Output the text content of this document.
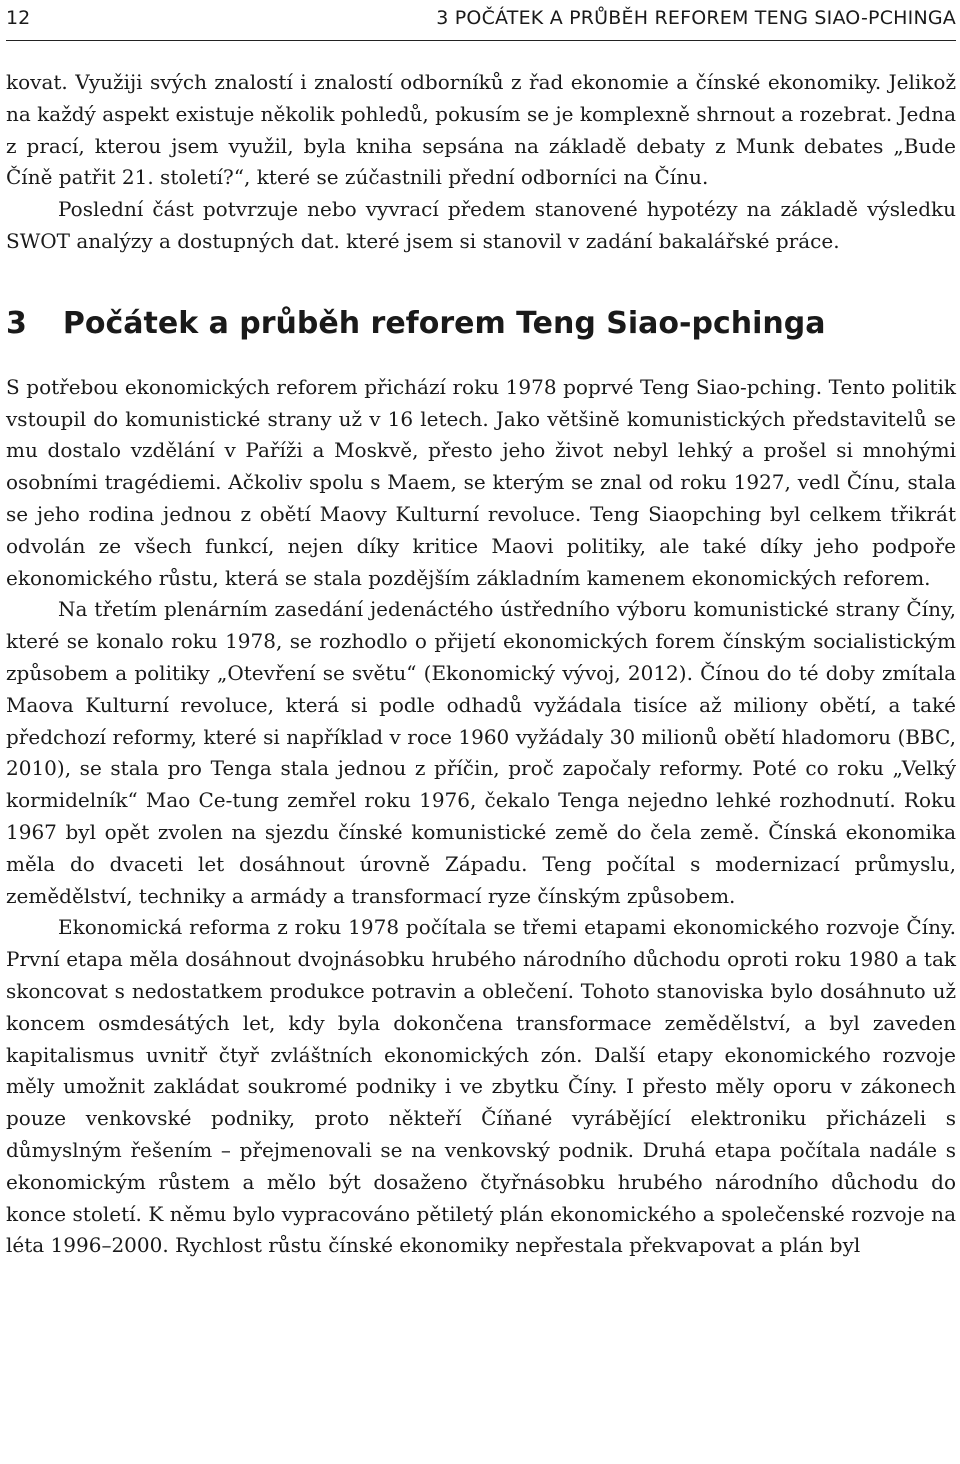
12	3 POČÁTEK A PRŮBĚH REFOREM TENG SIAO-PCHINGA

kovat. Využiji svých znalostí i znalostí odborníků z řad ekonomie a čínské ekonomiky. Jelikož na každý aspekt existuje několik pohledů, pokusím se je komplexně shrnout a rozebrat. Jedna z prací, kterou jsem využil, byla kniha sepsána na základě debaty z Munk debates „Bude Číně patřit 21. století?“, které se zúčastnili přední odborníci na Čínu.

Poslední část potvrzuje nebo vyvrací předem stanovené hypotézy na základě výsledku SWOT analýzy a dostupných dat. které jsem si stanovil v zadání bakalářské práce.

3 Počátek a průběh reforem Teng Siao-pchinga

S potřebou ekonomických reforem přichází roku 1978 poprvé Teng Siao-pching. Tento politik vstoupil do komunistické strany už v 16 letech. Jako většině komunistických představitelů se mu dostalo vzdělání v Paříži a Moskvě, přesto jeho život nebyl lehký a prošel si mnohými osobními tragédiemi. Ačkoliv spolu s Maem, se kterým se znal od roku 1927, vedl Čínu, stala se jeho rodina jednou z obětí Maovy Kulturní revoluce. Teng Siaopching byl celkem třikrát odvolán ze všech funkcí, nejen díky kritice Maovi politiky, ale také díky jeho podpoře ekonomického růstu, která se stala pozdějším základním kamenem ekonomických reforem.

Na třetím plenárním zasedání jedenáctého ústředního výboru komunistické strany Číny, které se konalo roku 1978, se rozhodlo o přijetí ekonomických forem čínským socialistickým způsobem a politiky „Otevření se světu“ (Ekonomický vývoj, 2012). Čínou do té doby zmítala Maova Kulturní revoluce, která si podle odhadů vyžádala tisíce až miliony obětí, a také předchozí reformy, které si například v roce 1960 vyžádaly 30 milionů obětí hladomoru (BBC, 2010), se stala pro Tenga stala jednou z příčin, proč započaly reformy. Poté co roku „Velký kormidelník“ Mao Ce-tung zemřel roku 1976, čekalo Tenga nejedno lehké rozhodnutí. Roku 1967 byl opět zvolen na sjezdu čínské komunistické země do čela země. Čínská ekonomika měla do dvaceti let dosáhnout úrovně Západu. Teng počítal s modernizací průmyslu, zemědělství, techniky a armády a transformací ryze čínským způsobem.

Ekonomická reforma z roku 1978 počítala se třemi etapami ekonomického rozvoje Číny. První etapa měla dosáhnout dvojnásobku hrubého národního důchodu oproti roku 1980 a tak skoncovat s nedostatkem produkce potravin a oblečení. Tohoto stanoviska bylo dosáhnuto už koncem osmdesátých let, kdy byla dokončena transformace zemědělství, a byl zaveden kapitalismus uvnitř čtyř zvláštních ekonomických zón. Další etapy ekonomického rozvoje měly umožnit zakládat soukromé podniky i ve zbytku Číny. I přesto měly oporu v zákonech pouze venkovské podniky, proto někteří Číňané vyrábějící elektroniku přicházeli s důmyslným řešením – přejmenovali se na venkovský podnik. Druhá etapa počítala nadále s ekonomickým růstem a mělo být dosaženo čtyřnásobku hrubého národního důchodu do konce století. K němu bylo vypracováno pětiletý plán ekonomického a společenské rozvoje na léta 1996–2000. Rychlost růstu čínské ekonomiky nepřestala překvapovat a plán byl
